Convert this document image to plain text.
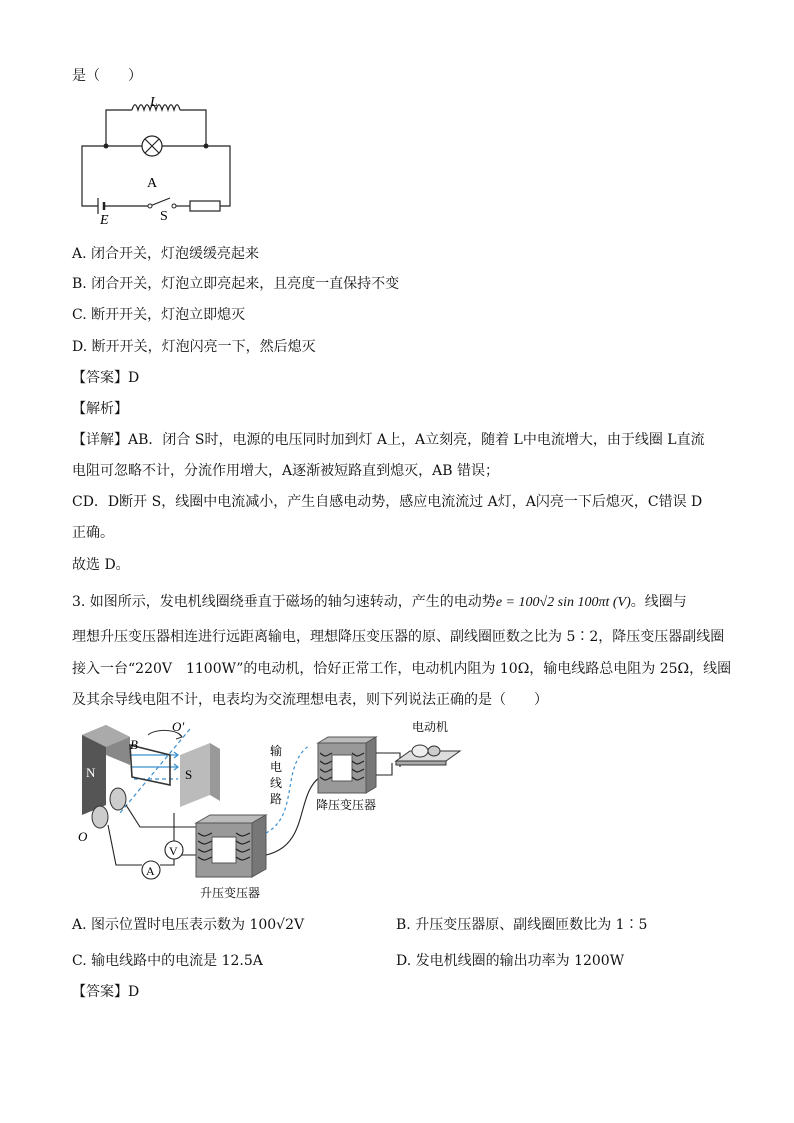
是（　　）
L
A
E	S
A. 闭合开关，灯泡缓缓亮起来
B. 闭合开关，灯泡立即亮起来，且亮度一直保持不变
C. 断开开关，灯泡立即熄灭
D. 断开开关，灯泡闪亮一下，然后熄灭
【答案】D
【解析】
【详解】AB．闭合 S时，电源的电压同时加到灯 A上，A立刻亮，随着 L中电流增大，由于线圈 L直流
电阻可忽略不计，分流作用增大，A逐渐被短路直到熄灭，AB 错误；
CD．D断开 S，线圈中电流减小，产生自感电动势，感应电流流过 A灯，A闪亮一下后熄灭，C错误 D
正确。
故选 D。
3. 如图所示，发电机线圈绕垂直于磁场的轴匀速转动，产生的电动势e = 100√2 sin 100πt (V)。线圈与
理想升压变压器相连进行远距离输电，理想降压变压器的原、副线圈匝数之比为 5∶2，降压变压器副线圈
接入一台“220V　1100W”的电动机，恰好正常工作，电动机内阻为 10Ω，输电线路总电阻为 25Ω，线圈
及其余导线电阻不计，电表均为交流理想电表，则下列说法正确的是（　　）
N	S
B
O′
O
V
A
升压变压器
输
电
线
路	降压变压器
电动机
A. 图示位置时电压表示数为 100√2V	B. 升压变压器原、副线圈匝数比为 1∶5
C. 输电线路中的电流是 12.5A	D. 发电机线圈的输出功率为 1200W
【答案】D
